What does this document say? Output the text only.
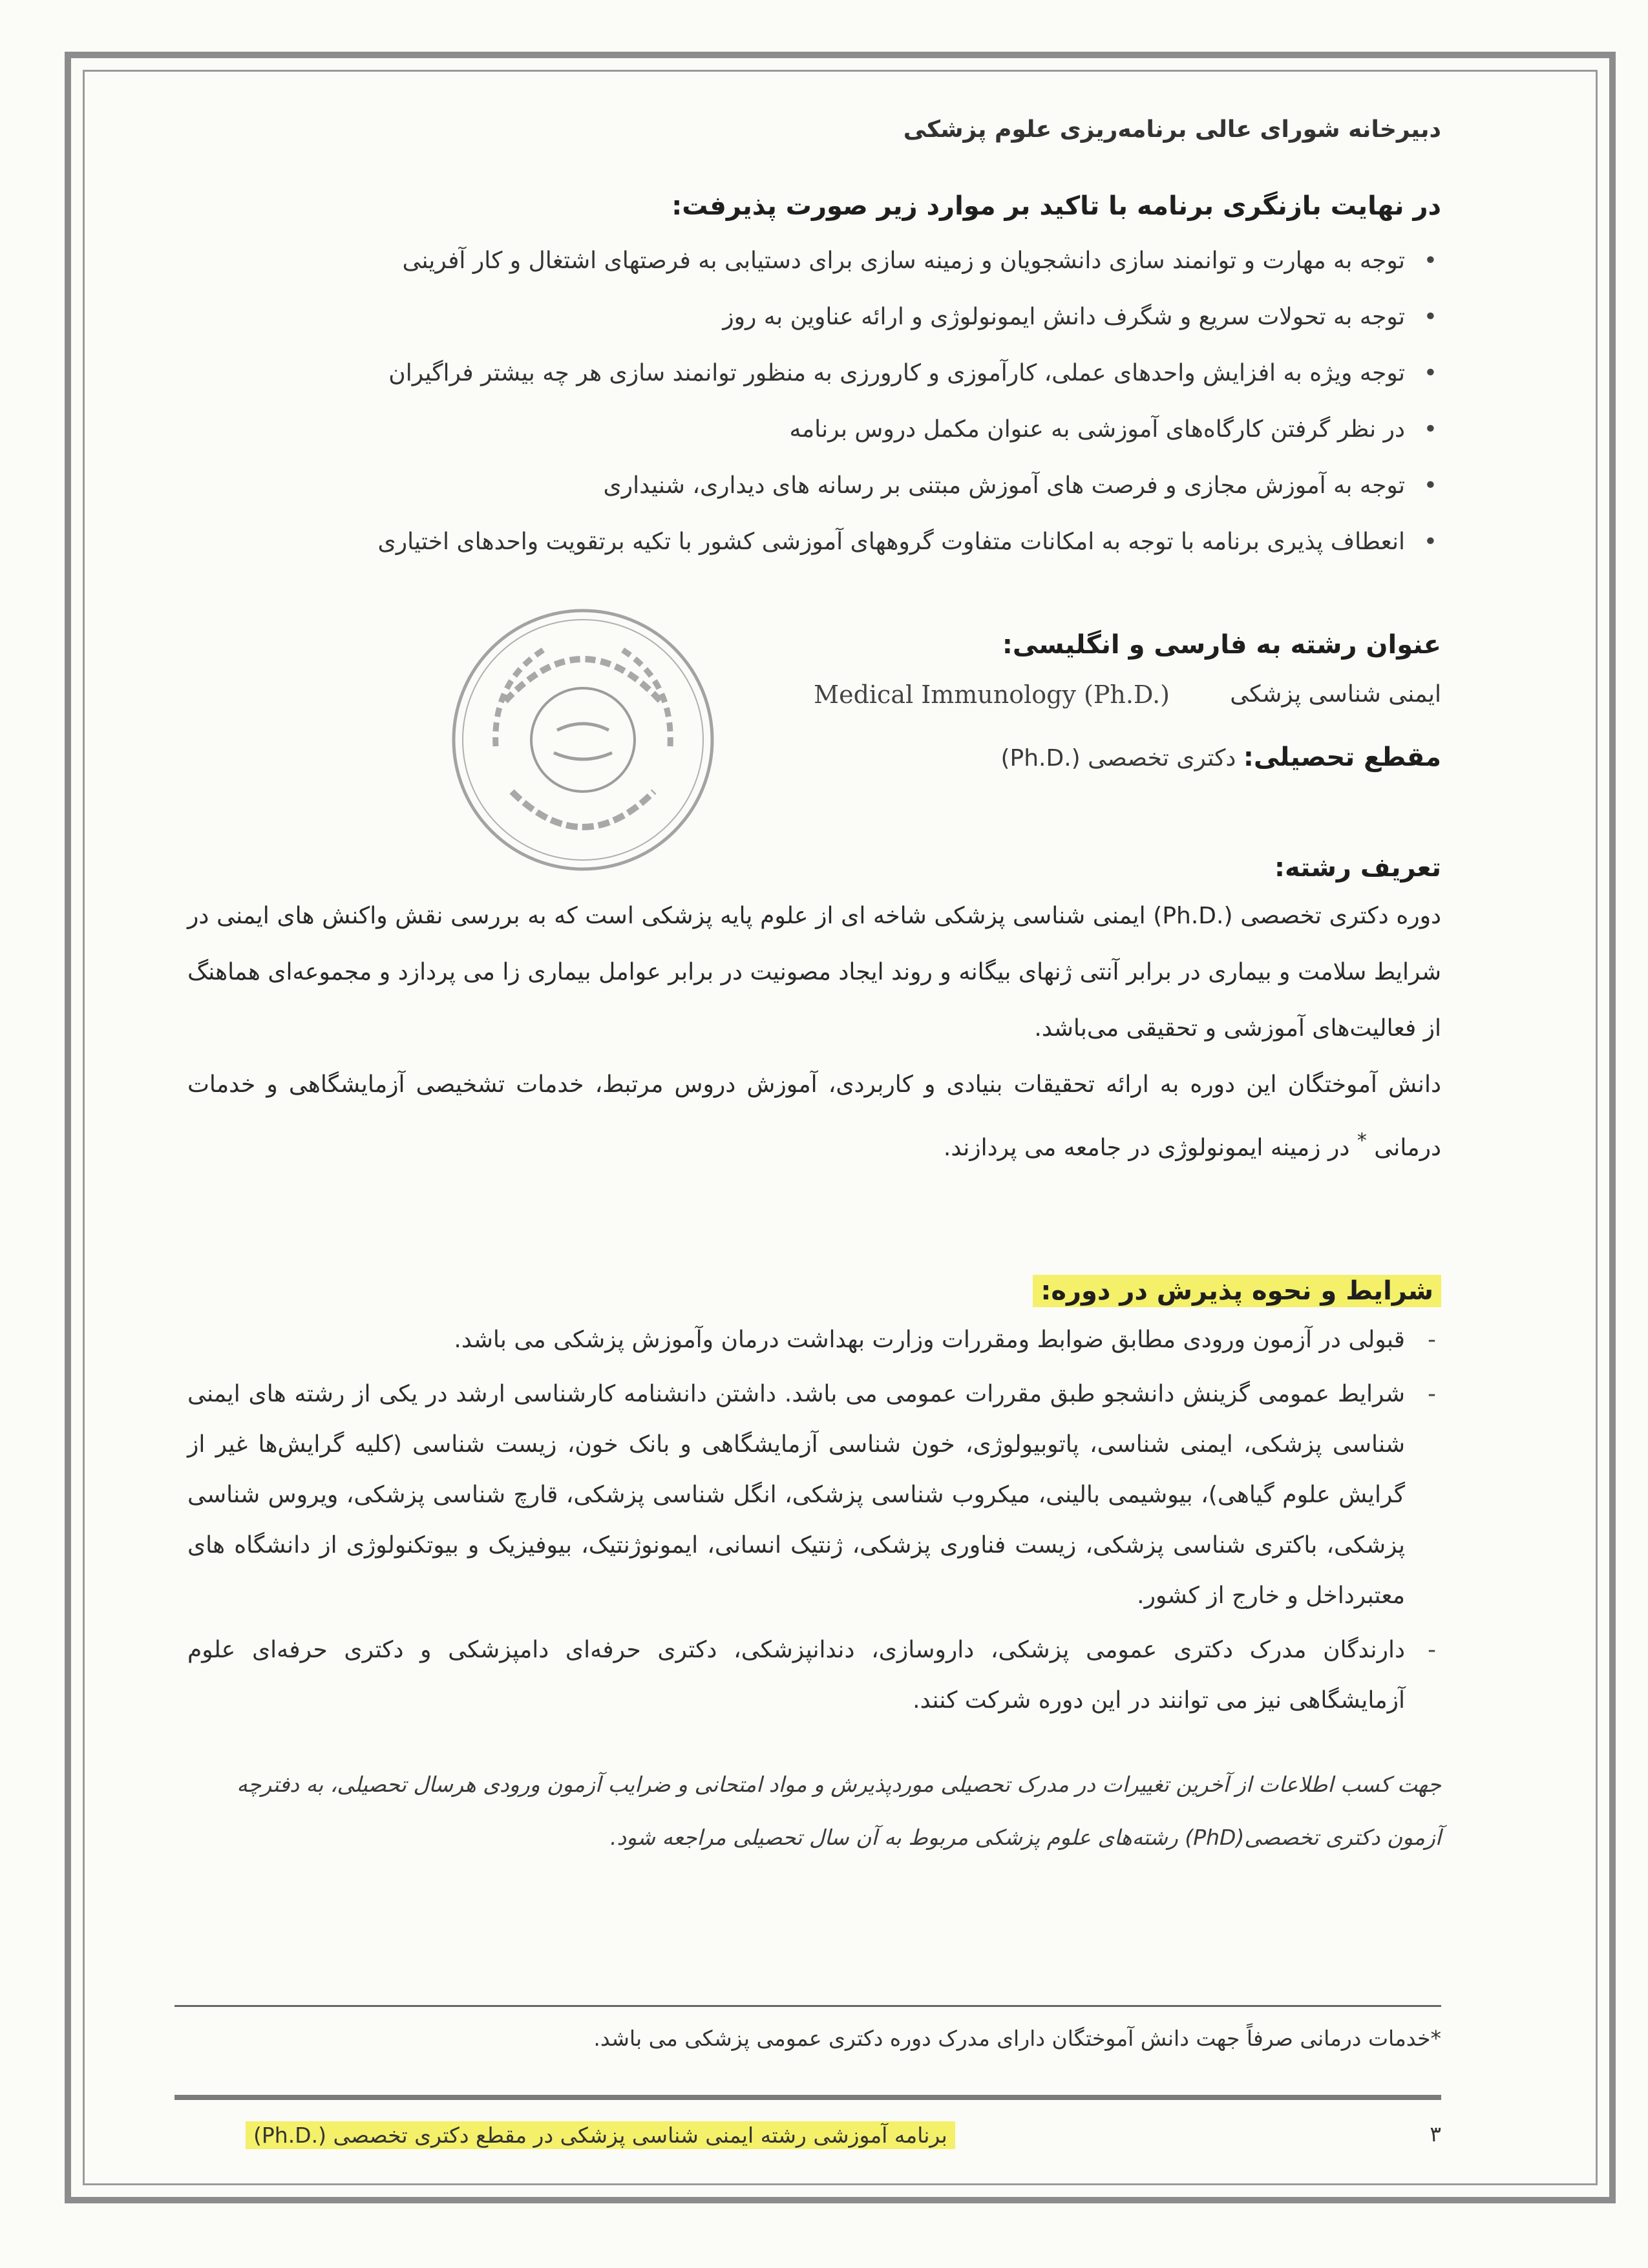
دبیرخانه شورای عالی برنامه‌ریزی علوم پزشکی
در نهایت بازنگری برنامه با تاکید بر موارد زیر صورت پذیرفت:
• توجه به مهارت و توانمند سازی دانشجویان و زمینه سازی برای دستیابی به فرصتهای اشتغال و کار آفرینی
• توجه به تحولات سریع و شگرف دانش ایمونولوژی و ارائه عناوین به روز
• توجه ویژه به افزایش واحدهای عملی، کارآموزی و کارورزی به منظور توانمند سازی هر چه بیشتر فراگیران
• در نظر گرفتن کارگاه‌های آموزشی به عنوان مکمل دروس برنامه
• توجه به آموزش مجازی و فرصت های آموزش مبتنی بر رسانه های دیداری، شنیداری
• انعطاف پذیری برنامه با توجه به امکانات متفاوت گروههای آموزشی کشور با تکیه برتقویت واحدهای اختیاری
عنوان رشته به فارسی و انگلیسی:
ایمنی شناسی پزشکی
Medical Immunology (Ph.D.)
مقطع تحصیلی: دکتری تخصصی (.Ph.D)
تعریف رشته:

دوره دکتری تخصصی (.Ph.D) ایمنی شناسی پزشکی شاخه ای از علوم پایه پزشکی است که به بررسی نقش واکنش های ایمنی در شرایط سلامت و بیماری در برابر آنتی ژنهای بیگانه و روند ایجاد مصونیت در برابر عوامل بیماری زا می پردازد و مجموعه‌ای هماهنگ از فعالیت‌های آموزشی و تحقیقی می‌باشد.

دانش آموختگان این دوره به ارائه تحقیقات بنیادی و کاربردی، آموزش دروس مرتبط، خدمات تشخیصی آزمایشگاهی و خدمات درمانی * در زمینه ایمونولوژی در جامعه می پردازند.

شرایط و نحوه پذیرش در دوره:
- قبولی در آزمون ورودی مطابق ضوابط ومقررات وزارت بهداشت درمان وآموزش پزشکی می باشد.
- شرایط عمومی گزینش دانشجو طبق مقررات عمومی می باشد. داشتن دانشنامه کارشناسی ارشد در یکی از رشته های ایمنی شناسی پزشکی، ایمنی شناسی، پاتوبیولوژی، خون شناسی آزمایشگاهی و بانک خون، زیست شناسی (کلیه گرایش‌ها غیر از گرایش علوم گیاهی)، بیوشیمی بالینی، میکروب شناسی پزشکی، انگل شناسی پزشکی، قارچ شناسی پزشکی، ویروس شناسی پزشکی، باکتری شناسی پزشکی، زیست فناوری پزشکی، ژنتیک انسانی، ایمونوژنتیک، بیوفیزیک و بیوتکنولوژی از دانشگاه های معتبرداخل و خارج از کشور.
- دارندگان مدرک دکتری عمومی پزشکی، داروسازی، دندانپزشکی، دکتری حرفه‌ای دامپزشکی و دکتری حرفه‌ای علوم آزمایشگاهی نیز می توانند در این دوره شرکت کنند.

جهت کسب اطلاعات از آخرین تغییرات در مدرک تحصیلی موردپذیرش و مواد امتحانی و ضرایب آزمون ورودی هرسال تحصیلی، به دفترچه آزمون دکتری تخصصی(PhD) رشته‌های علوم پزشکی مربوط به آن سال تحصیلی مراجعه شود.

*خدمات درمانی صرفاً جهت دانش آموختگان دارای مدرک دوره دکتری عمومی پزشکی می باشد.
۳
برنامه آموزشی رشته ایمنی شناسی پزشکی در مقطع دکتری تخصصی (.Ph.D)
